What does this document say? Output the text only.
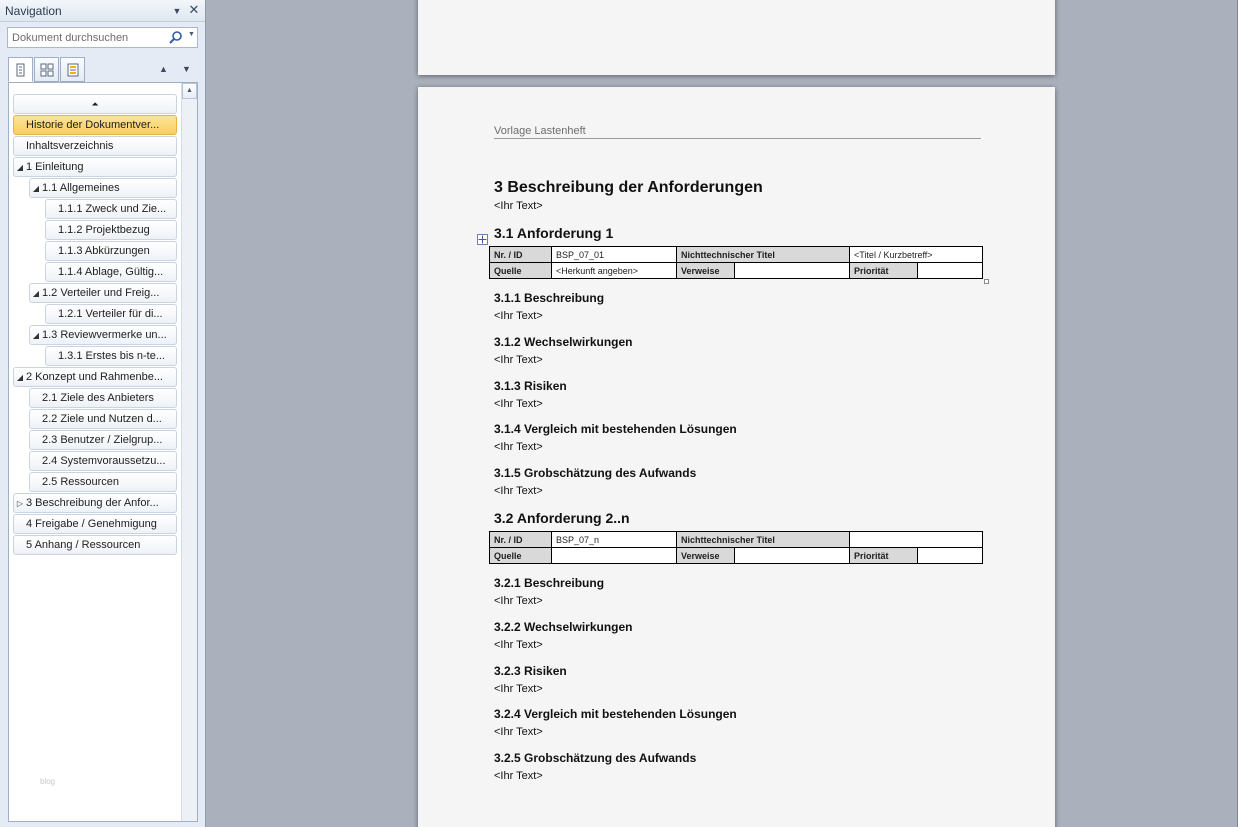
Navigation	▼ ✕
Dokument durchsuchen
▼
▲ ▼
▲
⏶
Historie der Dokumentver...
Inhaltsverzeichnis
◢ 1 Einleitung
◢ 1.1 Allgemeines
1.1.1 Zweck und Zie...
1.1.2 Projektbezug
1.1.3 Abkürzungen
1.1.4 Ablage, Gültig...
◢ 1.2 Verteiler und Freig...
1.2.1 Verteiler für di...
◢ 1.3 Reviewvermerke un...
1.3.1 Erstes bis n-te...
◢ 2 Konzept und Rahmenbe...
2.1 Ziele des Anbieters
2.2 Ziele und Nutzen d...
2.3 Benutzer / Zielgrup...
2.4 Systemvoraussetzu...
2.5 Ressourcen
▷ 3 Beschreibung der Anfor...
4 Freigabe / Genehmigung
5 Anhang / Ressourcen
blog
Vorlage Lastenheft
3 Beschreibung der Anforderungen
<Ihr Text>
3.1 Anforderung 1
Nr. / ID	BSP_07_01	Nichttechnischer Titel		<Titel / Kurzbetreff>	
Quelle	<Herkunft angeben>	Verweise		Priorität	
3.1.1 Beschreibung
<Ihr Text>
3.1.2 Wechselwirkungen
<Ihr Text>
3.1.3 Risiken
<Ihr Text>
3.1.4 Vergleich mit bestehenden Lösungen
<Ihr Text>
3.1.5 Grobschätzung des Aufwands
<Ihr Text>
3.2 Anforderung 2..n
Nr. / ID	BSP_07_n	Nichttechnischer Titel			
Quelle		Verweise		Priorität	
3.2.1 Beschreibung
<Ihr Text>
3.2.2 Wechselwirkungen
<Ihr Text>
3.2.3 Risiken
<Ihr Text>
3.2.4 Vergleich mit bestehenden Lösungen
<Ihr Text>
3.2.5 Grobschätzung des Aufwands
<Ihr Text>
